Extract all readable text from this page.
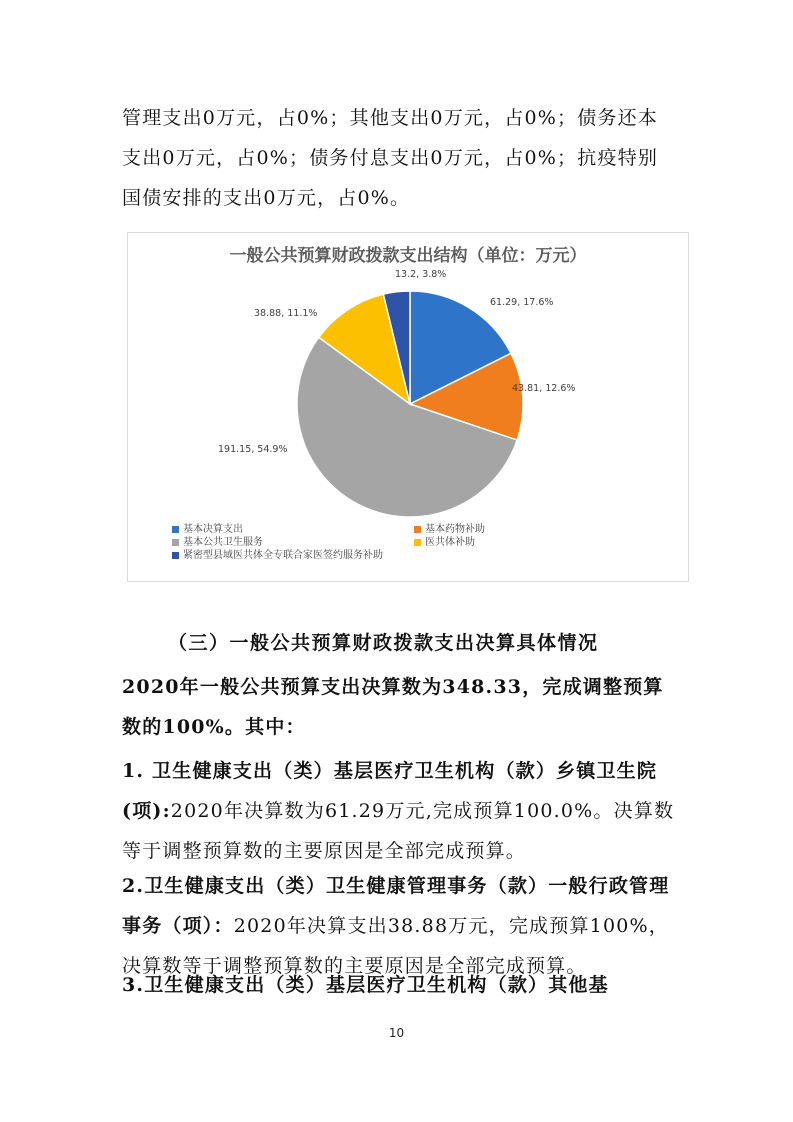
管理支出0万元，占0%；其他支出0万元，占0%；债务还本支出0万元，占0%；债务付息支出0万元，占0%；抗疫特别国债安排的支出0万元，占0%。

一般公共预算财政拨款支出结构（单位：万元）
61.29, 17.6%
43.81, 12.6%
191.15, 54.9%
38.88, 11.1%
13.2, 3.8%
基本决算支出	基本药物补助
基本公共卫生服务	医共体补助
紧密型县域医共体全专联合家医签约服务补助

（三）一般公共预算财政拨款支出决算具体情况

2020年一般公共预算支出决算数为348.33，完成调整预算数的100%。其中：

1. 卫生健康支出（类）基层医疗卫生机构（款）乡镇卫生院(项):2020年决算数为61.29万元,完成预算100.0%。决算数等于调整预算数的主要原因是全部完成预算。

2.卫生健康支出（类）卫生健康管理事务（款）一般行政管理事务（项）：2020年决算支出38.88万元，完成预算100%，决算数等于调整预算数的主要原因是全部完成预算。

3.卫生健康支出（类）基层医疗卫生机构（款）其他基

10
